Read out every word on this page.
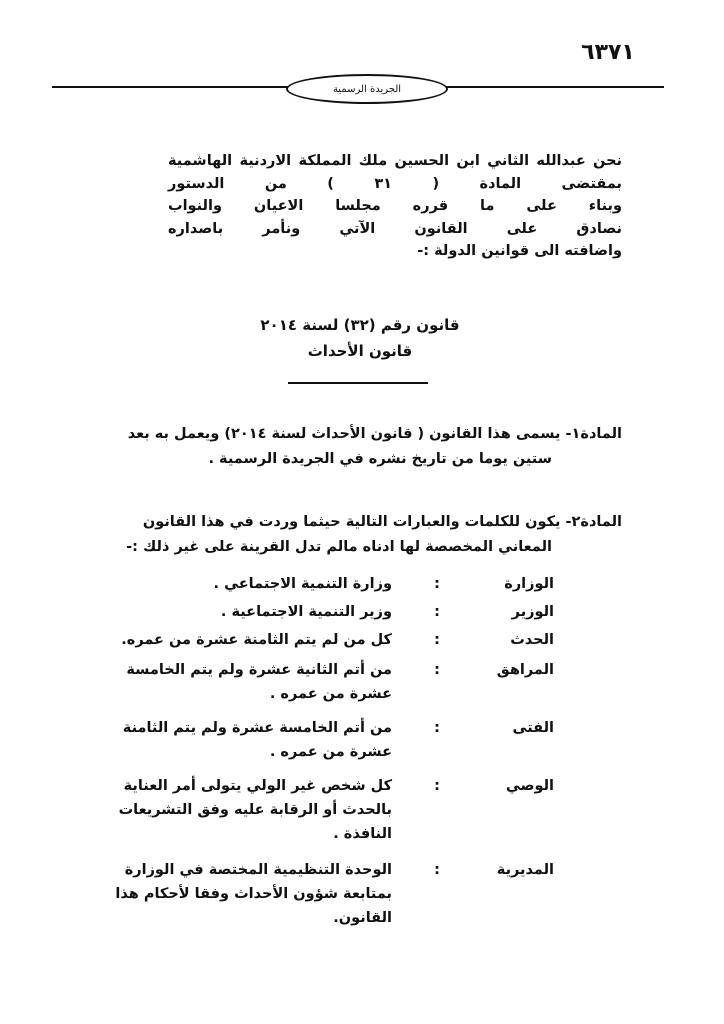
٦٣٧١
الجريدة الرسمية
نحن عبدالله الثاني ابن الحسين ملك المملكة الاردنية الهاشمية
بمقتضى المادة ( ٣١ ) من الدستور
وبناء على ما قرره مجلسا الاعيان والنواب
نصادق على القانون الآتي ونأمر باصداره
واضافته الى قوانين الدولة :-
قانون رقم (٣٢) لسنة ٢٠١٤
قانون الأحداث
المادة١- يسمى هذا القانون ( قانون الأحداث لسنة ٢٠١٤) ويعمل به بعد
ستين يوما من تاريخ نشره في الجريدة الرسمية .
المادة٢- يكون للكلمات والعبارات التالية حيثما وردت في هذا القانون
المعاني المخصصة لها ادناه مالم تدل القرينة على غير ذلك :-
الوزارة
:
وزارة التنمية الاجتماعي .
الوزير
:
وزير التنمية الاجتماعية .
الحدث
:
كل من لم يتم الثامنة عشرة من عمره.
المراهق
:
من أتم الثانية عشرة ولم يتم الخامسة عشرة من عمره .
الفتى
:
من أتم الخامسة عشرة ولم يتم الثامنة عشرة من عمره .
الوصي
:
كل شخص غير الولي يتولى أمر العناية بالحدث أو الرقابة عليه وفق التشريعات النافذة .
المديرية
:
الوحدة التنظيمية المختصة في الوزارة بمتابعة شؤون الأحداث وفقا لأحكام هذا القانون.
